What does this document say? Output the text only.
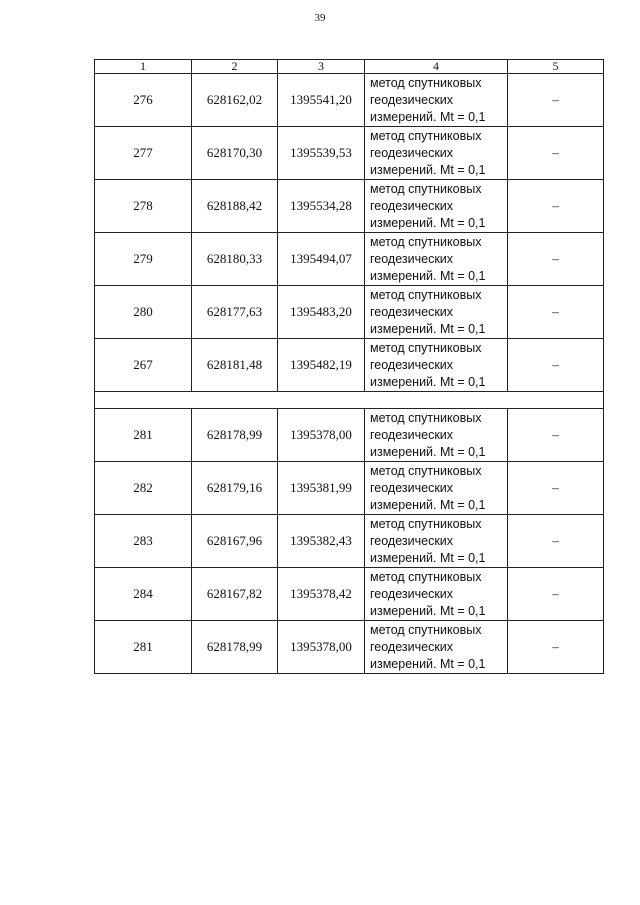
39
1	2	3	4	5
276	628162,02	1395541,20	метод спутниковых
геодезических
измерений. Mt = 0,1	–
277	628170,30	1395539,53	метод спутниковых
геодезических
измерений. Mt = 0,1	–
278	628188,42	1395534,28	метод спутниковых
геодезических
измерений. Mt = 0,1	–
279	628180,33	1395494,07	метод спутниковых
геодезических
измерений. Mt = 0,1	–
280	628177,63	1395483,20	метод спутниковых
геодезических
измерений. Mt = 0,1	–
267	628181,48	1395482,19	метод спутниковых
геодезических
измерений. Mt = 0,1	–

281	628178,99	1395378,00	метод спутниковых
геодезических
измерений. Mt = 0,1	–
282	628179,16	1395381,99	метод спутниковых
геодезических
измерений. Mt = 0,1	–
283	628167,96	1395382,43	метод спутниковых
геодезических
измерений. Mt = 0,1	–
284	628167,82	1395378,42	метод спутниковых
геодезических
измерений. Mt = 0,1	–
281	628178,99	1395378,00	метод спутниковых
геодезических
измерений. Mt = 0,1	–
